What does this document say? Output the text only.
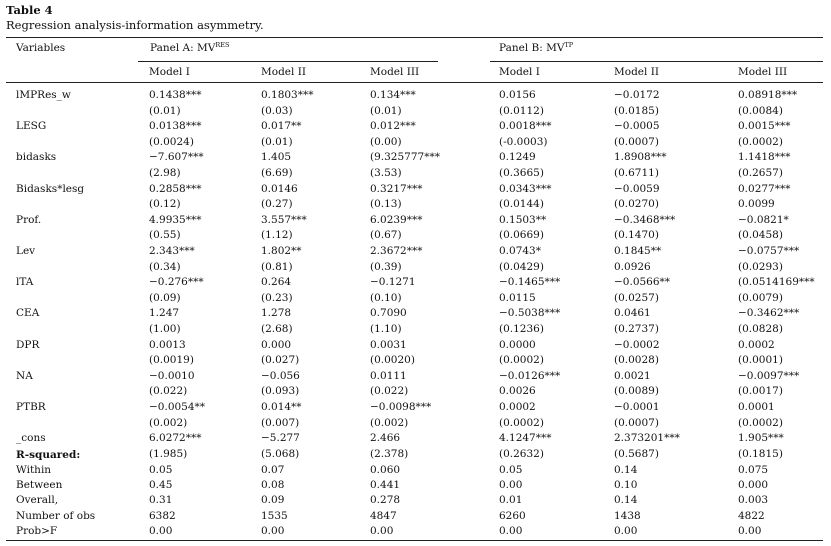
Table 4
Regression analysis-information asymmetry.
Variables	Panel A: MVRES	Panel B: $MV^{TP}$
Model I	Model II	Model III	Model I	Model II	Model III
lMPRes_w	0.1438***	0.1803***	0.134***	0.0156	−0.0172	0.08918***
(0.01)	(0.03)	(0.01)	(0.0112)	(0.0185)	(0.0084)
LESG	0.0138***	0.017**	0.012***	0.0018***	−0.0005	0.0015***
(0.0024)	(0.01)	(0.00)	(-0.0003)	(0.0007)	(0.0002)
bidasks	−7.607***	1.405	(9.325777***	0.1249	1.8908***	1.1418***
(2.98)	(6.69)	(3.53)	(0.3665)	(0.6711)	(0.2657)
Bidasks*lesg	0.2858***	0.0146	0.3217***	0.0343***	−0.0059	0.0277***
(0.12)	(0.27)	(0.13)	(0.0144)	(0.0270)	0.0099
Prof.	4.9935***	3.557***	6.0239***	0.1503**	−0.3468***	−0.0821*
(0.55)	(1.12)	(0.67)	(0.0669)	(0.1470)	(0.0458)
Lev	2.343***	1.802**	2.3672***	0.0743*	0.1845**	−0.0757***
(0.34)	(0.81)	(0.39)	(0.0429)	0.0926	(0.0293)
lTA	−0.276***	0.264	−0.1271	−0.1465***	−0.0566**	(0.0514169***
(0.09)	(0.23)	(0.10)	0.0115	(0.0257)	(0.0079)
CEA	1.247	1.278	0.7090	−0.5038***	0.0461	−0.3462***
(1.00)	(2.68)	(1.10)	(0.1236)	(0.2737)	(0.0828)
DPR	0.0013	0.000	0.0031	0.0000	−0.0002	0.0002
(0.0019)	(0.027)	(0.0020)	(0.0002)	(0.0028)	(0.0001)
NA	−0.0010	−0.056	0.0111	−0.0126***	0.0021	−0.0097***
(0.022)	(0.093)	(0.022)	0.0026	(0.0089)	(0.0017)
PTBR	−0.0054**	0.014**	−0.0098***	0.0002	−0.0001	0.0001
(0.002)	(0.007)	(0.002)	(0.0002)	(0.0007)	(0.0002)
_cons	6.0272***	−5.277	2.466	4.1247***	2.373201***	1.905***
(1.985)	(5.068)	(2.378)	(0.2632)	(0.5687)	(0.1815)
R-squared:
Within	0.05	0.07	0.060	0.05	0.14	0.075
Between	0.45	0.08	0.441	0.00	0.10	0.000
Overall,	0.31	0.09	0.278	0.01	0.14	0.003
Number of obs	6382	1535	4847	6260	1438	4822
Prob>F	0.00	0.00	0.00	0.00	0.00	0.00
